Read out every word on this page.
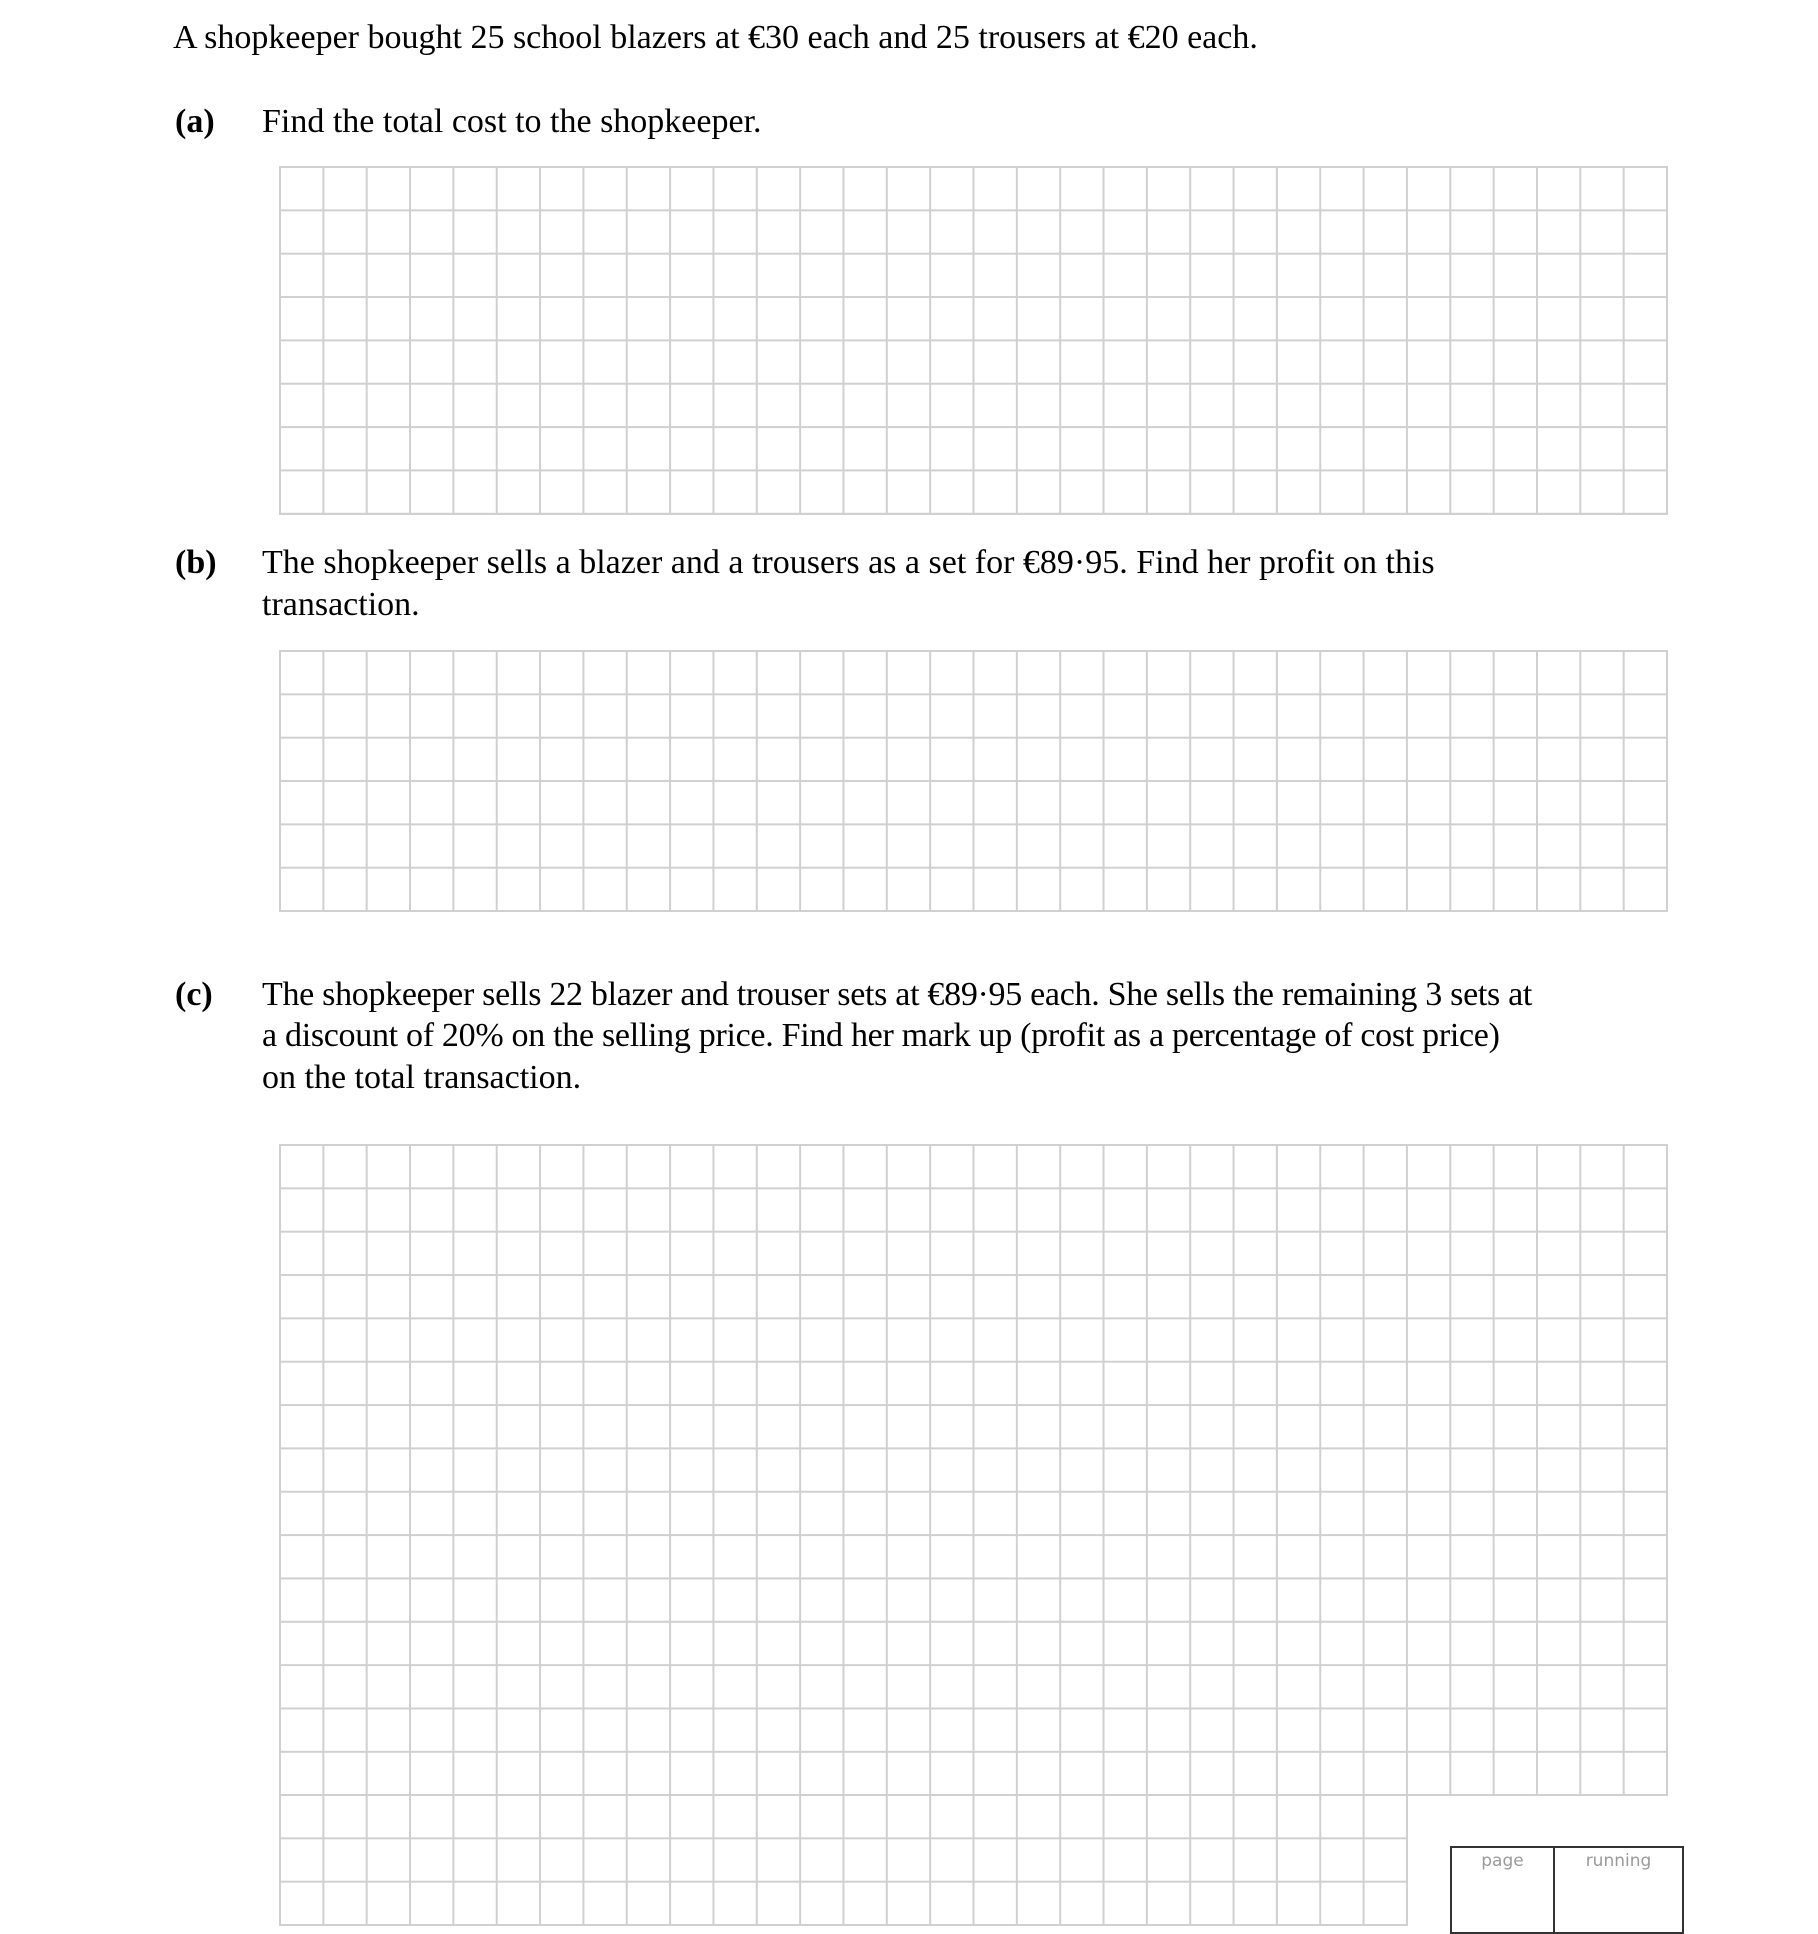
A shopkeeper bought 25 school blazers at €30 each and 25 trousers at €20 each.
(a) Find the total cost to the shopkeeper.
(b) The shopkeeper sells a blazer and a trousers as a set for €89·95. Find her profit on this
transaction.
(c) The shopkeeper sells 22 blazer and trouser sets at €89·95 each. She sells the remaining 3 sets at
a discount of 20% on the selling price. Find her mark up (profit as a percentage of cost price)
on the total transaction.
page	running
